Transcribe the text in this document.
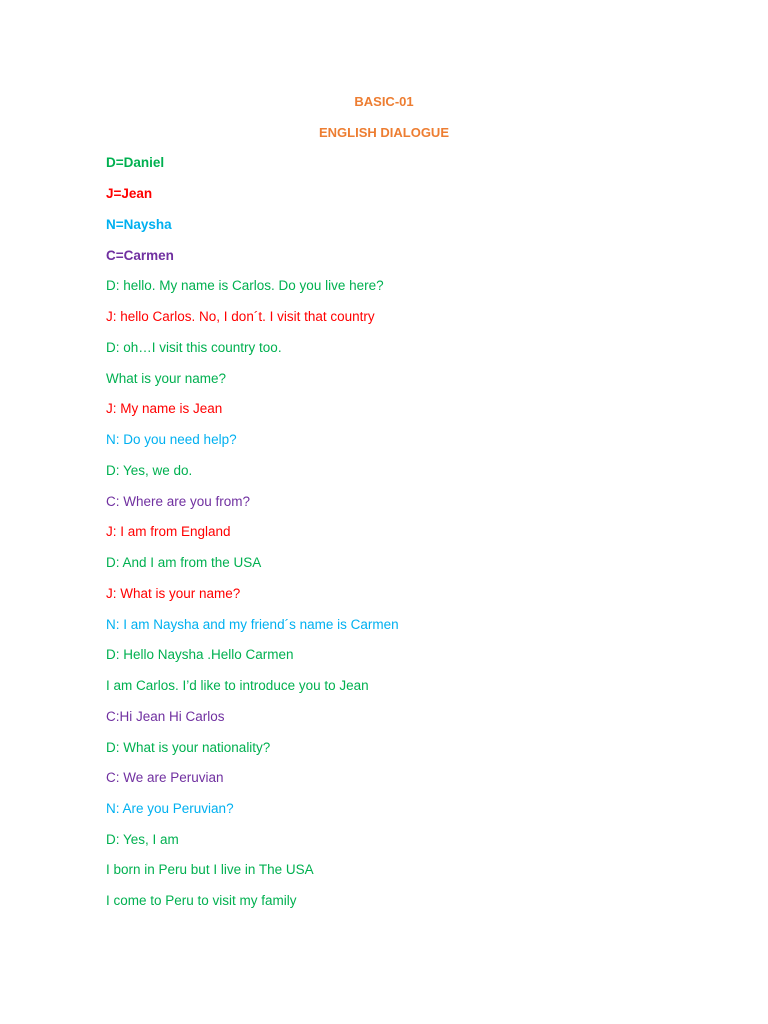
BASIC-01
ENGLISH DIALOGUE
D=Daniel
J=Jean
N=Naysha
C=Carmen
D: hello. My name is Carlos. Do you live here?
J: hello Carlos. No, I don´t. I visit that country
D: oh…I visit this country too.
What is your name?
J: My name is Jean
N: Do you need help?
D: Yes, we do.
C: Where are you from?
J: I am from England
D: And I am from the USA
J: What is your name?
N: I am Naysha and my friend´s name is Carmen
D: Hello Naysha .Hello Carmen
I am Carlos. I’d like to introduce you to Jean
C:Hi Jean Hi Carlos
D: What is your nationality?
C: We are Peruvian
N: Are you Peruvian?
D: Yes, I am
I born in Peru but I live in The USA
I come to Peru to visit my family
